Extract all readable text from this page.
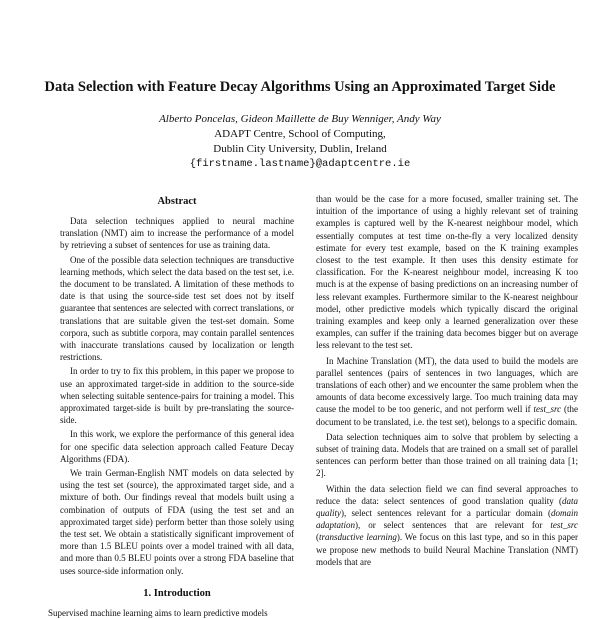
Data Selection with Feature Decay Algorithms Using an Approximated Target Side
Alberto Poncelas, Gideon Maillette de Buy Wenniger, Andy Way
ADAPT Centre, School of Computing,
Dublin City University, Dublin, Ireland
{firstname.lastname}@adaptcentre.ie
Abstract

Data selection techniques applied to neural machine translation (NMT) aim to increase the performance of a model by retrieving a subset of sentences for use as training data.

One of the possible data selection techniques are transductive learning methods, which select the data based on the test set, i.e. the document to be translated. A limitation of these methods to date is that using the source-side test set does not by itself guarantee that sentences are selected with correct translations, or translations that are suitable given the test-set domain. Some corpora, such as subtitle corpora, may contain parallel sentences with inaccurate translations caused by localization or length restrictions.

In order to try to fix this problem, in this paper we propose to use an approximated target-side in addition to the source-side when selecting suitable sentence-pairs for training a model. This approximated target-side is built by pre-translating the source-side.

In this work, we explore the performance of this general idea for one specific data selection approach called Feature Decay Algorithms (FDA).

We train German-English NMT models on data selected by using the test set (source), the approximated target side, and a mixture of both. Our findings reveal that models built using a combination of outputs of FDA (using the test set and an approximated target side) perform better than those solely using the test set. We obtain a statistically significant improvement of more than 1.5 BLEU points over a model trained with all data, and more than 0.5 BLEU points over a strong FDA baseline that uses source-side information only.

1. Introduction

Supervised machine learning aims to learn predictive models

than would be the case for a more focused, smaller training set. The intuition of the importance of using a highly relevant set of training examples is captured well by the K-nearest neighbour model, which essentially computes at test time on-the-fly a very localized density estimate for every test example, based on the K training examples closest to the test example. It then uses this density estimate for classification. For the K-nearest neighbour model, increasing K too much is at the expense of basing predictions on an increasing number of less relevant examples. Furthermore similar to the K-nearest neighbour model, other predictive models which typically discard the original training examples and keep only a learned generalization over these examples, can suffer if the training data becomes bigger but on average less relevant to the test set.

In Machine Translation (MT), the data used to build the models are parallel sentences (pairs of sentences in two languages, which are translations of each other) and we encounter the same problem when the amounts of data become excessively large. Too much training data may cause the model to be too generic, and not perform well if test_src (the document to be translated, i.e. the test set), belongs to a specific domain.

Data selection techniques aim to solve that problem by selecting a subset of training data. Models that are trained on a small set of parallel sentences can perform better than those trained on all training data [1; 2].

Within the data selection field we can find several approaches to reduce the data: select sentences of good translation quality (data quality), select sentences relevant for a particular domain (domain adaptation), or select sentences that are relevant for test_src (transductive learning). We focus on this last type, and so in this paper we propose new methods to build Neural Machine Translation (NMT) models that are
